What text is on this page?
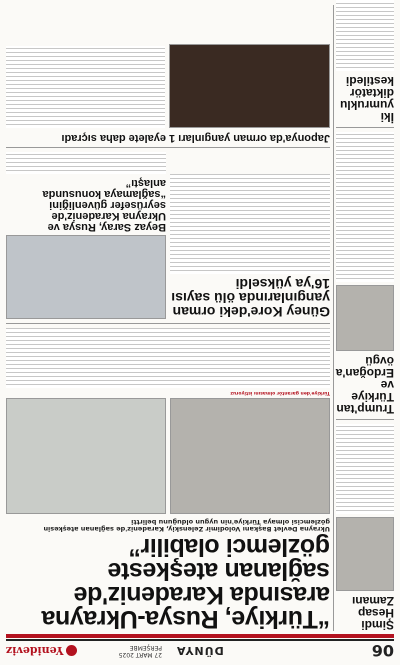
06
DÜNYA
27 MART 2025 PERŞEMBE
Yenideviz

Şimdi Hesap Zamanı

Trump'tan Türkiye ve Erdoğan'a övgü

İki yumruklu diktatör kestiledi

“Türkiye, Rusya-Ukrayna arasında Karadeniz'de sağlanan ateşkeste gözlemci olabilir”
Ukrayna Devlet Başkanı Volodimir Zelenskiy, Karadeniz'de sağlanan ateşkesin gözlemcisi olmaya Türkiye'nin uygun olduğunu belirtti
Türkiye'den garantör olmasını istiyoruz
Güney Kore'deki orman yangınlarında ölü sayısı 16'ya yükseldi
Beyaz Saray, Rusya ve Ukrayna Karadeniz'de seyrüsefer güvenliğini “sağlamaya konusunda anlaştı”
Japonya'da orman yangınları 1 eyalete daha sıçradı
